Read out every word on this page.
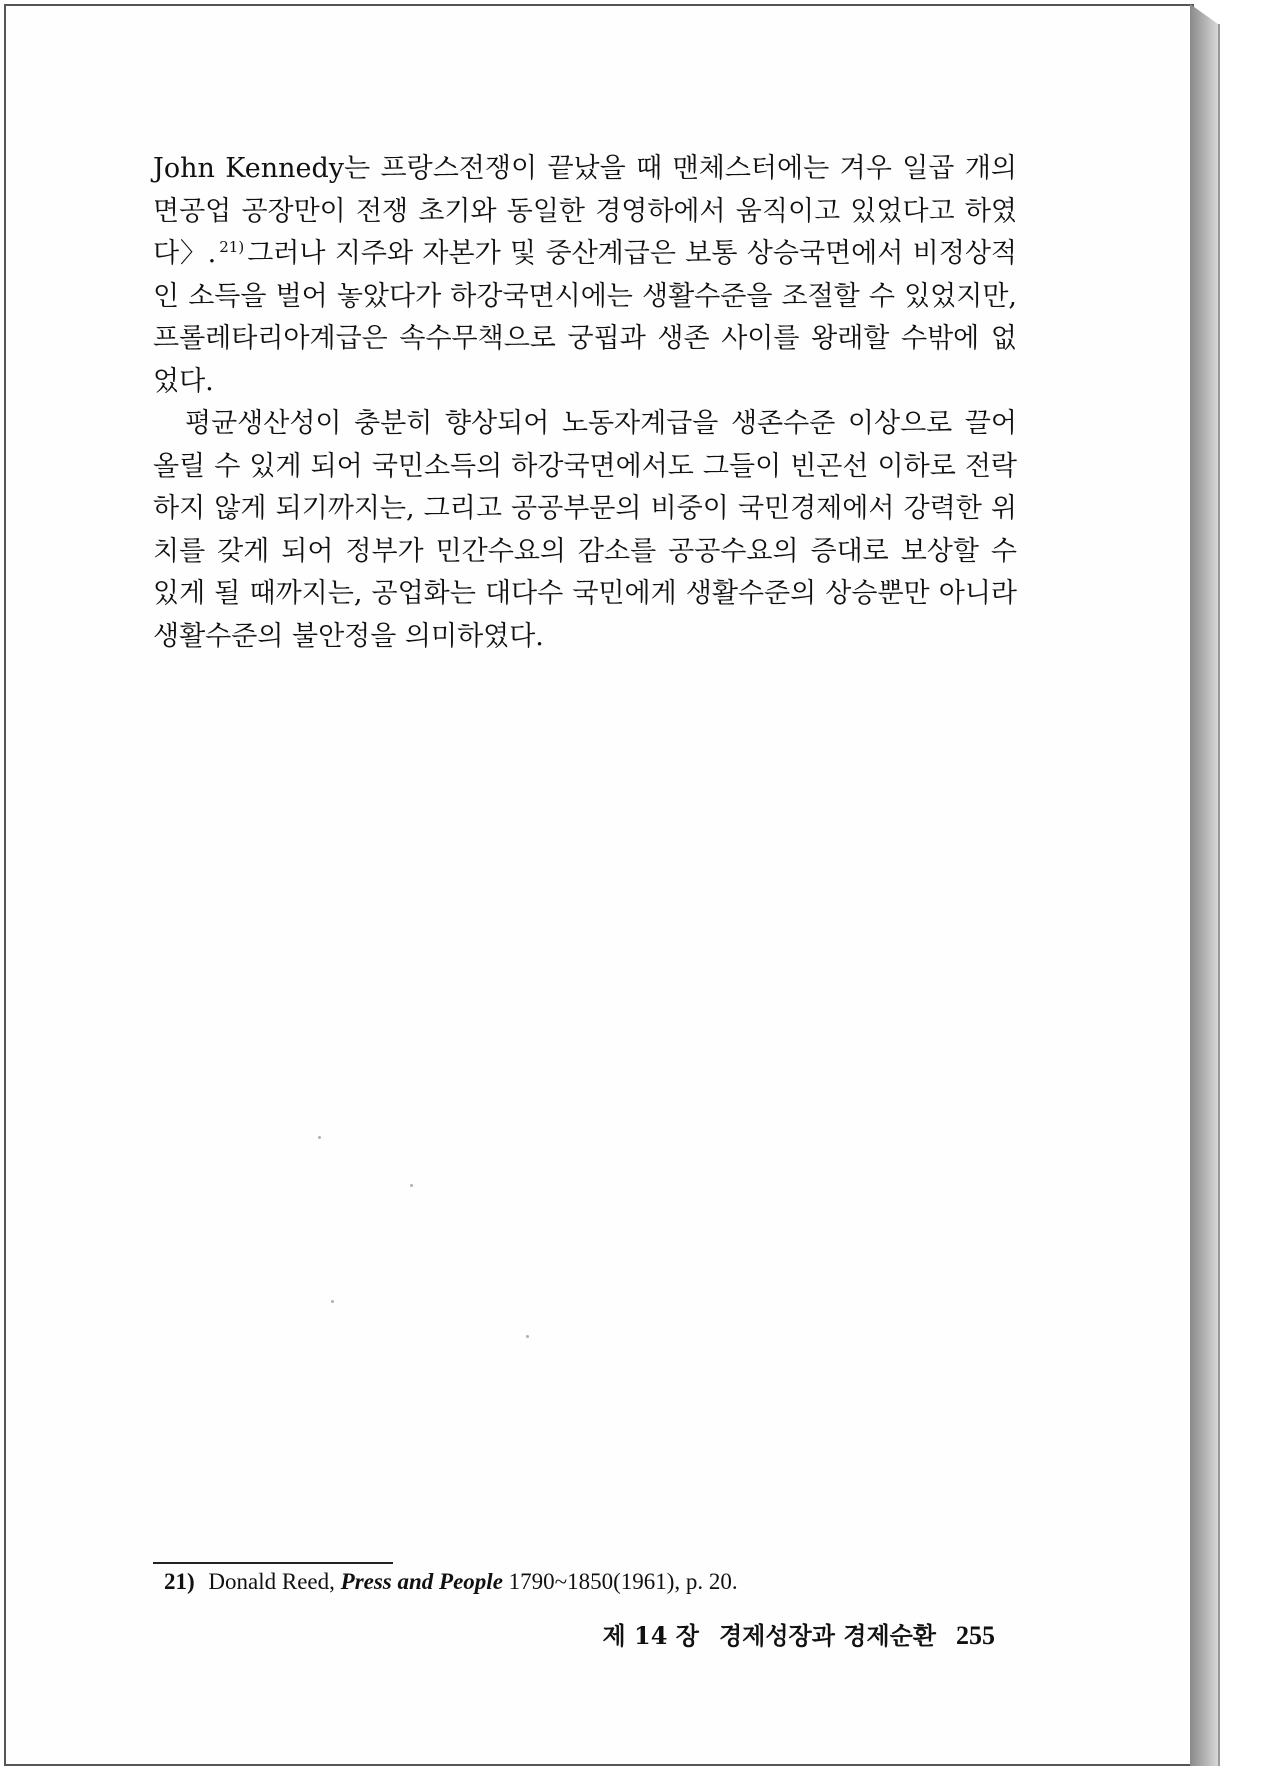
John Kennedy는 프랑스전쟁이 끝났을 때 맨체스터에는 겨우 일곱 개의 면공업 공장만이 전쟁 초기와 동일한 경영하에서 움직이고 있었다고 하였다〉. $^{21)}$ 그러나 지주와 자본가 및 중산계급은 보통 상승국면에서 비정상적인 소득을 벌어 놓았다가 하강국면시에는 생활수준을 조절할 수 있었지만, 프롤레타리아계급은 속수무책으로 궁핍과 생존 사이를 왕래할 수밖에 없었다.

평균생산성이 충분히 향상되어 노동자계급을 생존수준 이상으로 끌어올릴 수 있게 되어 국민소득의 하강국면에서도 그들이 빈곤선 이하로 전락하지 않게 되기까지는, 그리고 공공부문의 비중이 국민경제에서 강력한 위치를 갖게 되어 정부가 민간수요의 감소를 공공수요의 증대로 보상할 수 있게 될 때까지는, 공업화는 대다수 국민에게 생활수준의 상승뿐만 아니라 생활수준의 불안정을 의미하였다.

21) Donald Reed, Press and People 1790~1850(1961), p. 20.
제 14 장 경제성장과 경제순환 255
